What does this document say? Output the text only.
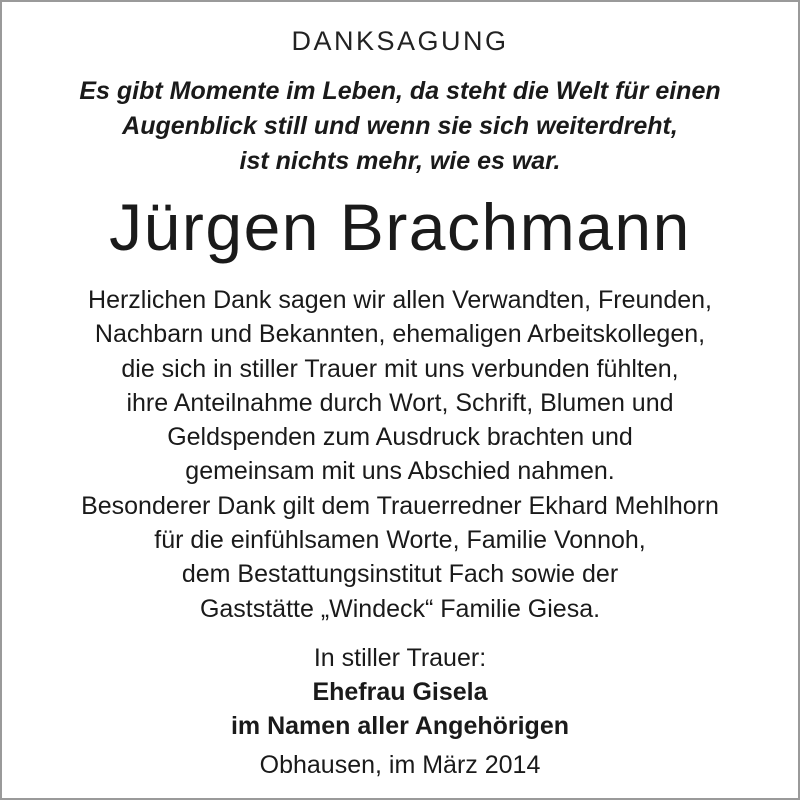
DANKSAGUNG
Es gibt Momente im Leben, da steht die Welt für einen
Augenblick still und wenn sie sich weiterdreht,
ist nichts mehr, wie es war.
Jürgen Brachmann
Herzlichen Dank sagen wir allen Verwandten, Freunden,
Nachbarn und Bekannten, ehemaligen Arbeitskollegen,
die sich in stiller Trauer mit uns verbunden fühlten,
ihre Anteilnahme durch Wort, Schrift, Blumen und
Geldspenden zum Ausdruck brachten und
gemeinsam mit uns Abschied nahmen.
Besonderer Dank gilt dem Trauerredner Ekhard Mehlhorn
für die einfühlsamen Worte, Familie Vonnoh,
dem Bestattungsinstitut Fach sowie der
Gaststätte „Windeck“ Familie Giesa.
In stiller Trauer:
Ehefrau Gisela
im Namen aller Angehörigen
Obhausen, im März 2014
